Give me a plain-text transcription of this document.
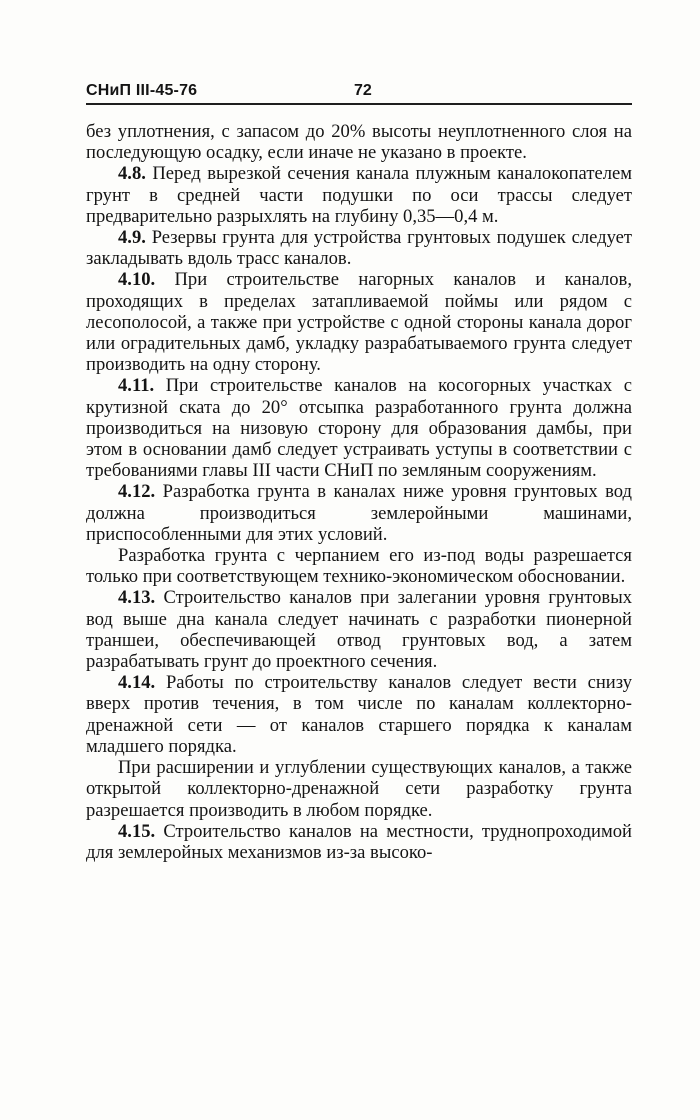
СНиП III-45-76	72

без уплотнения, с запасом до 20% высоты неуплотненного слоя на последующую осадку, если иначе не указано в проекте.

4.8. Перед вырезкой сечения канала плужным каналокопателем грунт в средней части подушки по оси трассы следует предварительно разрыхлять на глубину 0,35—0,4 м.

4.9. Резервы грунта для устройства грунтовых подушек следует закладывать вдоль трасс каналов.

4.10. При строительстве нагорных каналов и каналов, проходящих в пределах затапливаемой поймы или рядом с лесополосой, а также при устройстве с одной стороны канала дорог или оградительных дамб, укладку разрабатываемого грунта следует производить на одну сторону.

4.11. При строительстве каналов на косогорных участках с крутизной ската до 20° отсыпка разработанного грунта должна производиться на низовую сторону для образования дамбы, при этом в основании дамб следует устраивать уступы в соответствии с требованиями главы III части СНиП по земляным сооружениям.

4.12. Разработка грунта в каналах ниже уровня грунтовых вод должна производиться землеройными машинами, приспособленными для этих условий.

Разработка грунта с черпанием его из-под воды разрешается только при соответствующем технико-экономическом обосновании.

4.13. Строительство каналов при залегании уровня грунтовых вод выше дна канала следует начинать с разработки пионерной траншеи, обеспечивающей отвод грунтовых вод, а затем разрабатывать грунт до проектного сечения.

4.14. Работы по строительству каналов следует вести снизу вверх против течения, в том числе по каналам коллекторно-дренажной сети — от каналов старшего порядка к каналам младшего порядка.

При расширении и углублении существующих каналов, а также открытой коллекторно-дренажной сети разработку грунта разрешается производить в любом порядке.

4.15. Строительство каналов на местности, труднопроходимой для землеройных механизмов из-за высоко-
